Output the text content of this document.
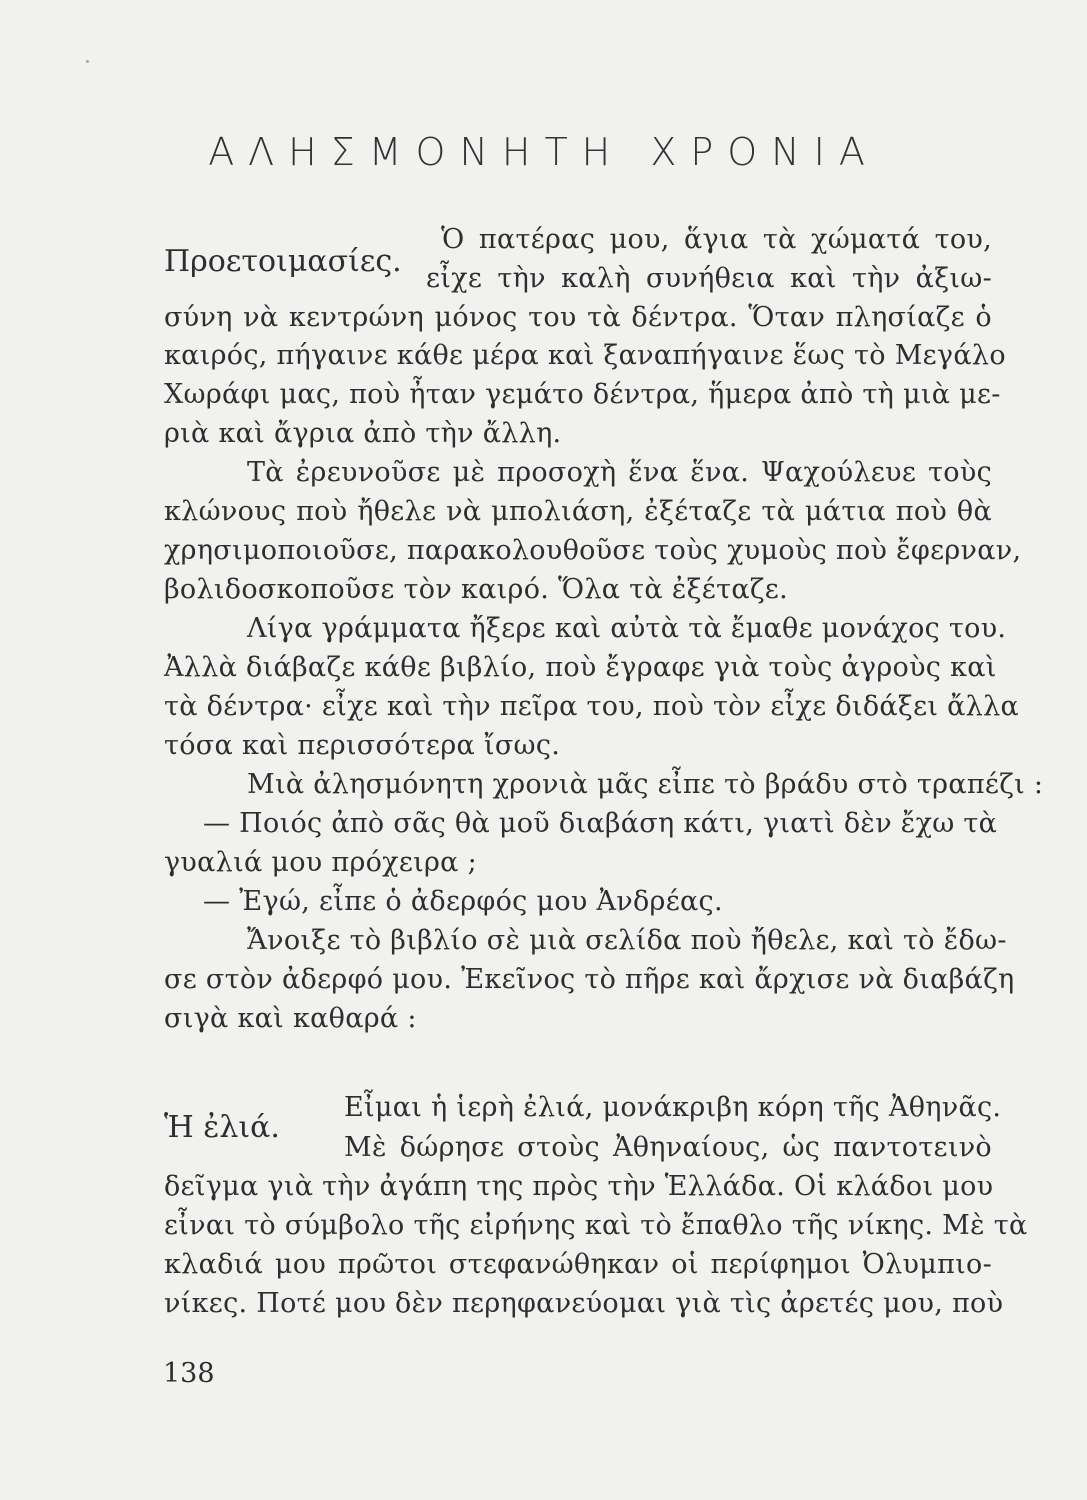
ΑΛΗΣΜΟΝΗΤΗ ΧΡΟΝΙΑ
Προετοιμασίες.
Ὁ πατέρας μου, ἅγια τὰ χώματά του,
εἶχε τὴν καλὴ συνήθεια καὶ τὴν ἀξιω-
σύνη νὰ κεντρώνη μόνος του τὰ δέντρα. Ὅταν πλησίαζε ὁ
καιρός, πήγαινε κάθε μέρα καὶ ξαναπήγαινε ἕως τὸ Μεγάλο
Χωράφι μας, ποὺ ἦταν γεμάτο δέντρα, ἥμερα ἀπὸ τὴ μιὰ με-
ριὰ καὶ ἄγρια ἀπὸ τὴν ἄλλη.
Τὰ ἐρευνοῦσε μὲ προσοχὴ ἕνα ἕνα. Ψαχούλευε τοὺς
κλώνους ποὺ ἤθελε νὰ μπολιάση, ἐξέταζε τὰ μάτια ποὺ θὰ
χρησιμοποιοῦσε, παρακολουθοῦσε τοὺς χυμοὺς ποὺ ἔφερναν,
βολιδοσκοποῦσε τὸν καιρό. Ὅλα τὰ ἐξέταζε.
Λίγα γράμματα ἤξερε καὶ αὐτὰ τὰ ἔμαθε μονάχος του.
Ἀλλὰ διάβαζε κάθε βιβλίο, ποὺ ἔγραφε γιὰ τοὺς ἀγροὺς καὶ
τὰ δέντρα· εἶχε καὶ τὴν πεῖρα του, ποὺ τὸν εἶχε διδάξει ἄλλα
τόσα καὶ περισσότερα ἴσως.
Μιὰ ἀλησμόνητη χρονιὰ μᾶς εἶπε τὸ βράδυ στὸ τραπέζι :
— Ποιός ἀπὸ σᾶς θὰ μοῦ διαβάση κάτι, γιατὶ δὲν ἔχω τὰ
γυαλιά μου πρόχειρα ;
— Ἐγώ, εἶπε ὁ ἀδερφός μου Ἀνδρέας.
Ἄνοιξε τὸ βιβλίο σὲ μιὰ σελίδα ποὺ ἤθελε, καὶ τὸ ἔδω-
σε στὸν ἀδερφό μου. Ἐκεῖνος τὸ πῆρε καὶ ἄρχισε νὰ διαβάζη
σιγὰ καὶ καθαρά :
Ἡ ἐλιά.
Εἶμαι ἡ ἱερὴ ἐλιά, μονάκριβη κόρη τῆς Ἀθηνᾶς.
Μὲ δώρησε στοὺς Ἀθηναίους, ὡς παντοτεινὸ
δεῖγμα γιὰ τὴν ἀγάπη της πρὸς τὴν Ἑλλάδα. Οἱ κλάδοι μου
εἶναι τὸ σύμβολο τῆς εἰρήνης καὶ τὸ ἔπαθλο τῆς νίκης. Μὲ τὰ
κλαδιά μου πρῶτοι στεφανώθηκαν οἱ περίφημοι Ὀλυμπιο-
νίκες. Ποτέ μου δὲν περηφανεύομαι γιὰ τὶς ἀρετές μου, ποὺ
138
